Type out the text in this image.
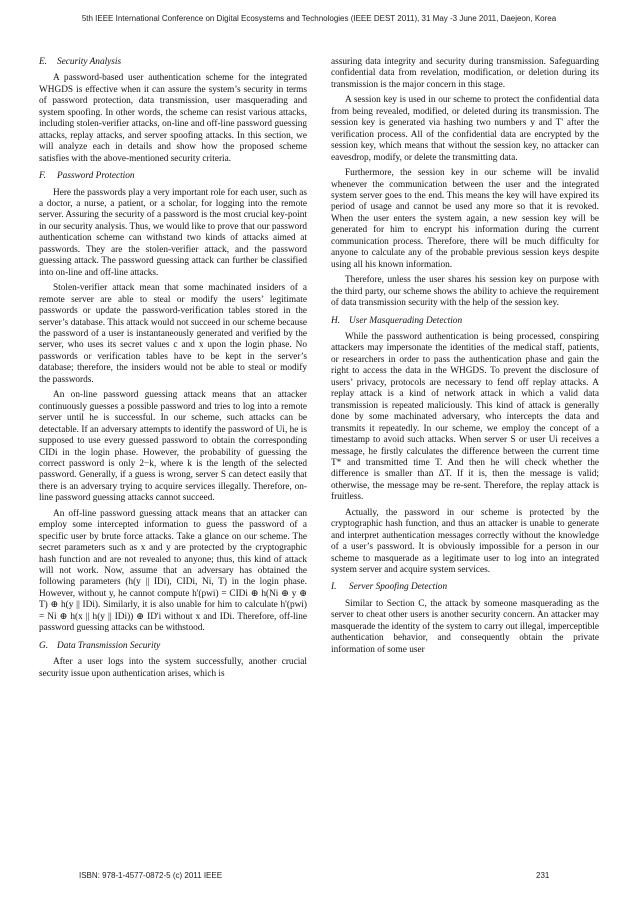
5th IEEE International Conference on Digital Ecosystems and Technologies (IEEE DEST 2011), 31 May -3 June 2011, Daejeon, Korea
E. Security Analysis

A password-based user authentication scheme for the integrated WHGDS is effective when it can assure the system’s security in terms of password protection, data transmission, user masquerading and system spoofing. In other words, the scheme can resist various attacks, including stolen-verifier attacks, on-line and off-line password guessing attacks, replay attacks, and server spoofing attacks. In this section, we will analyze each in details and show how the proposed scheme satisfies with the above-mentioned security criteria.

F. Password Protection

Here the passwords play a very important role for each user, such as a doctor, a nurse, a patient, or a scholar, for logging into the remote server. Assuring the security of a password is the most crucial key-point in our security analysis. Thus, we would like to prove that our password authentication scheme can withstand two kinds of attacks aimed at passwords. They are the stolen-verifier attack, and the password guessing attack. The password guessing attack can further be classified into on-line and off-line attacks.

Stolen-verifier attack mean that some machinated insiders of a remote server are able to steal or modify the users’ legitimate passwords or update the password-verification tables stored in the server’s database. This attack would not succeed in our scheme because the password of a user is instantaneously generated and verified by the server, who uses its secret values c and x upon the login phase. No passwords or verification tables have to be kept in the server’s database; therefore, the insiders would not be able to steal or modify the passwords.

An on-line password guessing attack means that an attacker continuously guesses a possible password and tries to log into a remote server until he is successful. In our scheme, such attacks can be detectable. If an adversary attempts to identify the password of Ui, he is supposed to use every guessed password to obtain the corresponding CIDi in the login phase. However, the probability of guessing the correct password is only 2−k, where k is the length of the selected password. Generally, if a guess is wrong, server S can detect easily that there is an adversary trying to acquire services illegally. Therefore, on-line password guessing attacks cannot succeed.

An off-line password guessing attack means that an attacker can employ some intercepted information to guess the password of a specific user by brute force attacks. Take a glance on our scheme. The secret parameters such as x and y are protected by the cryptographic hash function and are not revealed to anyone; thus, this kind of attack will not work. Now, assume that an adversary has obtained the following parameters (h(y || IDi), CIDi, Ni, T) in the login phase. However, without y, he cannot compute h'(pwi) = CIDi ⊕ h(Ni ⊕ y ⊕ T) ⊕ h(y || IDi). Similarly, it is also unable for him to calculate h'(pwi) = Ni ⊕ h(x || h(y || IDi)) ⊕ ID'i without x and IDi. Therefore, off-line password guessing attacks can be withstood.

G. Data Transmission Security

After a user logs into the system successfully, another crucial security issue upon authentication arises, which is

assuring data integrity and security during transmission. Safeguarding confidential data from revelation, modification, or deletion during its transmission is the major concern in this stage.

A session key is used in our scheme to protect the confidential data from being revealed, modified, or deleted during its transmission. The session key is generated via hashing two numbers y and T' after the verification process. All of the confidential data are encrypted by the session key, which means that without the session key, no attacker can eavesdrop, modify, or delete the transmitting data.

Furthermore, the session key in our scheme will be invalid whenever the communication between the user and the integrated system server goes to the end. This means the key will have expired its period of usage and cannot be used any more so that it is revoked. When the user enters the system again, a new session key will be generated for him to encrypt his information during the current communication process. Therefore, there will be much difficulty for anyone to calculate any of the probable previous session keys despite using all his known information.

Therefore, unless the user shares his session key on purpose with the third party, our scheme shows the ability to achieve the requirement of data transmission security with the help of the session key.

H. User Masquerading Detection

While the password authentication is being processed, conspiring attackers may impersonate the identities of the medical staff, patients, or researchers in order to pass the authentication phase and gain the right to access the data in the WHGDS. To prevent the disclosure of users’ privacy, protocols are necessary to fend off replay attacks. A replay attack is a kind of network attack in which a valid data transmission is repeated maliciously. This kind of attack is generally done by some machinated adversary, who intercepts the data and transmits it repeatedly. In our scheme, we employ the concept of a timestamp to avoid such attacks. When server S or user Ui receives a message, he firstly calculates the difference between the current time T* and transmitted time T. And then he will check whether the difference is smaller than ΔT. If it is, then the message is valid; otherwise, the message may be re-sent. Therefore, the replay attack is fruitless.

Actually, the password in our scheme is protected by the cryptographic hash function, and thus an attacker is unable to generate and interpret authentication messages correctly without the knowledge of a user’s password. It is obviously impossible for a person in our scheme to masquerade as a legitimate user to log into an integrated system server and acquire system services.

I. Server Spoofing Detection

Similar to Section C, the attack by someone masquerading as the server to cheat other users is another security concern. An attacker may masquerade the identity of the system to carry out illegal, imperceptible authentication behavior, and consequently obtain the private information of some user

ISBN: 978-1-4577-0872-5 (c) 2011 IEEE	231
